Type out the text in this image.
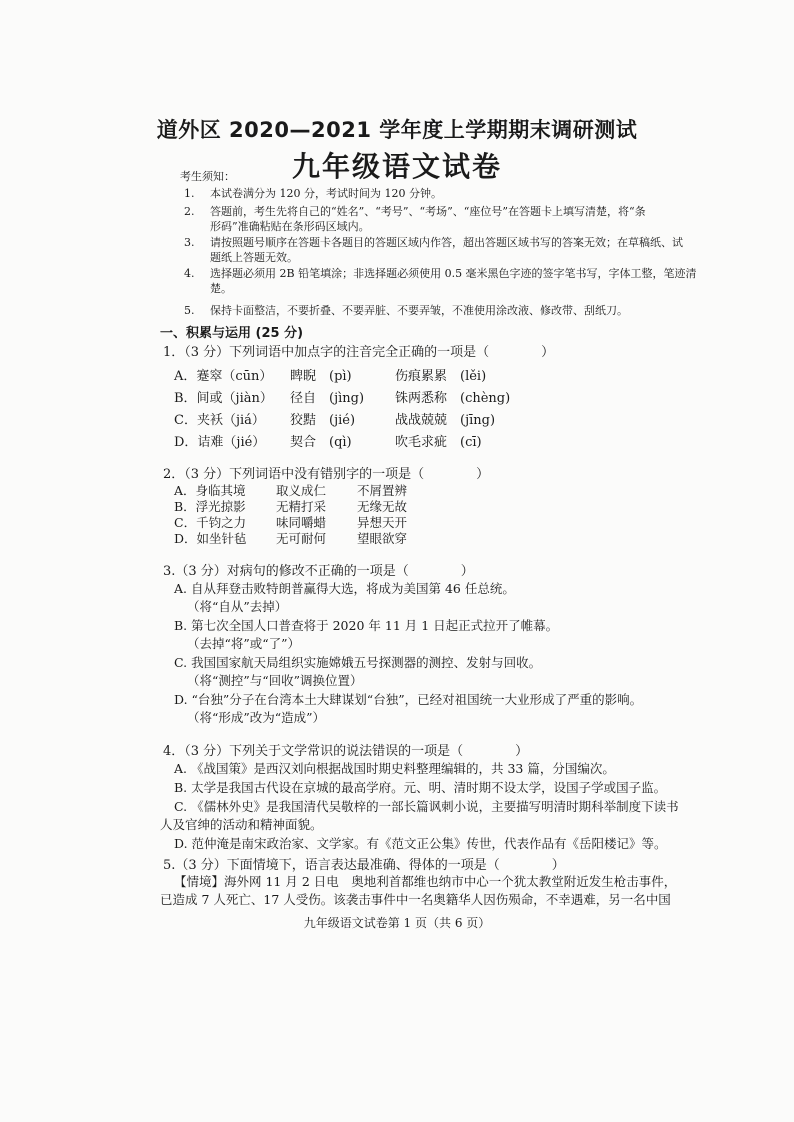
道外区 2020—2021 学年度上学期期末调研测试
九年级语文试卷
考生须知：
1. 本试卷满分为 120 分，考试时间为 120 分钟。
2. 答题前，考生先将自己的“姓名”、“考号”、“考场”、“座位号”在答题卡上填写清楚，将“条
形码”准确粘贴在条形码区域内。
3. 请按照题号顺序在答题卡各题目的答题区域内作答，超出答题区域书写的答案无效；在草稿纸、试
题纸上答题无效。
4. 选择题必须用 2B 铅笔填涂；非选择题必须使用 0.5 毫米黑色字迹的签字笔书写，字体工整，笔迹清
楚。
5. 保持卡面整洁，不要折叠、不要弄脏、不要弄皱，不准使用涂改液、修改带、刮纸刀。
一、积累与运用 (25 分)
1．（3 分）下列词语中加点字的注音完全正确的一项是（　　　　）
A．蹇窣（cūn） 睥睨　(pì)	伤痕累累　(lěi)
B．间或（jiàn） 径自　(jìng) 铢两悉称　(chèng)
C．夹袄（jiá） 狡黠　(jié)	战战兢兢　(jīng)
D．诘难（jié） 契合　(qì)	吹毛求疵　(cī)
2．（3 分）下列词语中没有错别字的一项是（　　　　）
A．身临其境 取义成仁 不屑置辨
B．浮光掠影 无精打采 无缘无故
C．千钧之力 味同嚼蜡 异想天开
D．如坐针毡 无可耐何 望眼欲穿
3.（3 分）对病句的修改不正确的一项是（　　　　）
A. 自从拜登击败特朗普赢得大选，将成为美国第 46 任总统。
（将“自从”去掉）
B. 第七次全国人口普查将于 2020 年 11 月 1 日起正式拉开了帷幕。
（去掉“将”或“了”）
C. 我国国家航天局组织实施嫦娥五号探测器的测控、发射与回收。
（将“测控”与“回收”调换位置）
D. “台独”分子在台湾本土大肆谋划“台独”，已经对祖国统一大业形成了严重的影响。
（将“形成”改为“造成”）
4．（3 分）下列关于文学常识的说法错误的一项是（　　　　）
A. 《战国策》是西汉刘向根据战国时期史料整理编辑的，共 33 篇，分国编次。
B. 太学是我国古代设在京城的最高学府。元、明、清时期不设太学，设国子学或国子监。
C. 《儒林外史》是我国清代吴敬梓的一部长篇讽刺小说，主要描写明清时期科举制度下读书
人及官绅的活动和精神面貌。
D. 范仲淹是南宋政治家、文学家。有《范文正公集》传世，代表作品有《岳阳楼记》等。
5.（3 分）下面情境下，语言表达最准确、得体的一项是（　　　　）
【情境】海外网 11 月 2 日电　奥地利首都维也纳市中心一个犹太教堂附近发生枪击事件，
已造成 7 人死亡、17 人受伤。该袭击事件中一名奥籍华人因伤殒命，不幸遇难，另一名中国
九年级语文试卷第 1 页（共 6 页）
